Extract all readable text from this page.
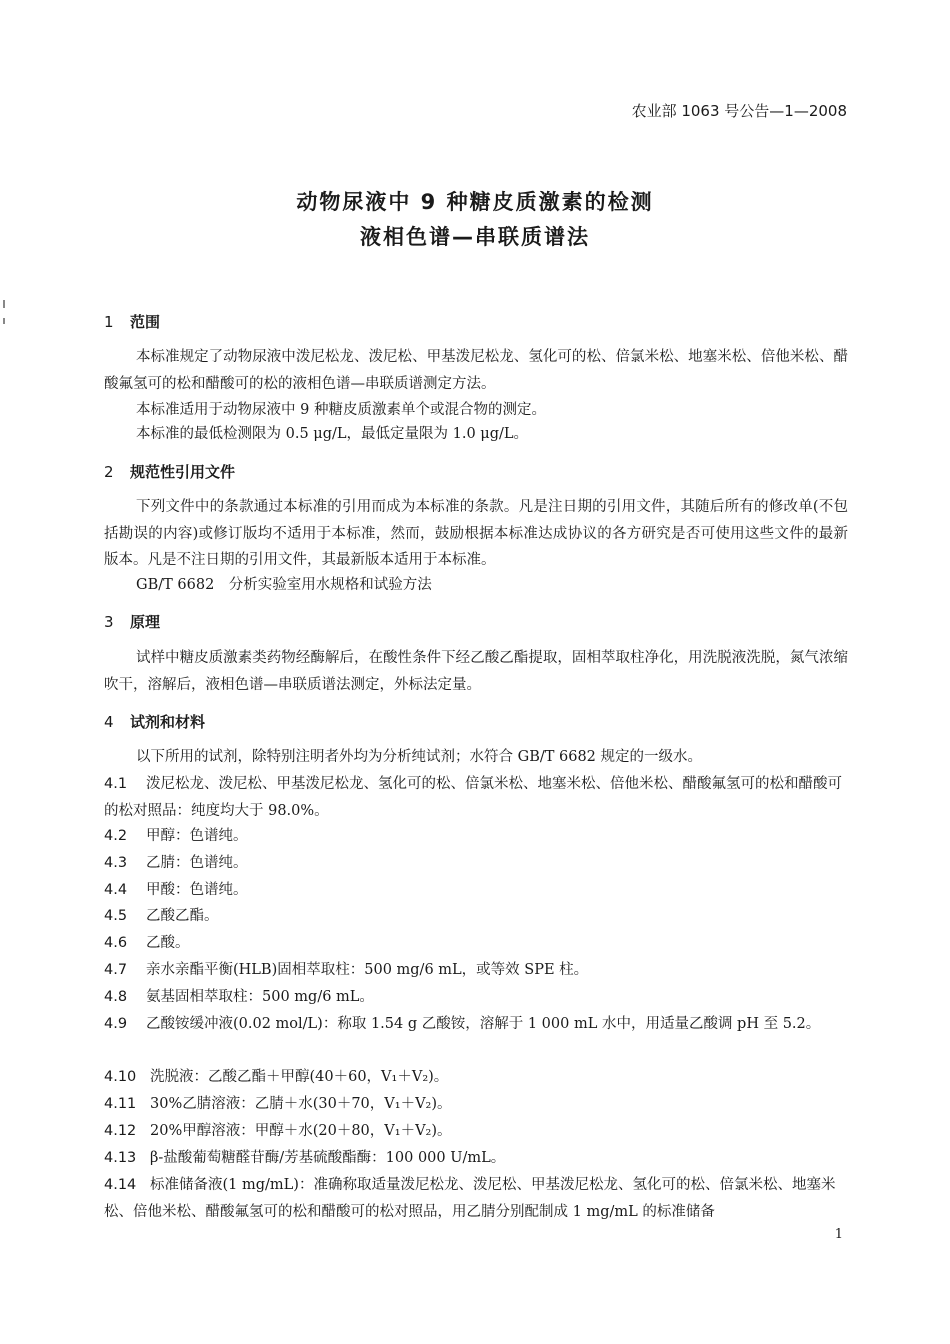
农业部 1063 号公告—1—2008
动物尿液中 9 种糖皮质激素的检测
液相色谱—串联质谱法
1 范围
本标准规定了动物尿液中泼尼松龙、泼尼松、甲基泼尼松龙、氢化可的松、倍氯米松、地塞米松、倍他米松、醋酸氟氢可的松和醋酸可的松的液相色谱—串联质谱测定方法。
本标准适用于动物尿液中 9 种糖皮质激素单个或混合物的测定。
本标准的最低检测限为 0.5 μg/L，最低定量限为 1.0 μg/L。
2 规范性引用文件
下列文件中的条款通过本标准的引用而成为本标准的条款。凡是注日期的引用文件，其随后所有的修改单(不包括勘误的内容)或修订版均不适用于本标准，然而，鼓励根据本标准达成协议的各方研究是否可使用这些文件的最新版本。凡是不注日期的引用文件，其最新版本适用于本标准。
GB/T 6682　分析实验室用水规格和试验方法
3 原理
试样中糖皮质激素类药物经酶解后，在酸性条件下经乙酸乙酯提取，固相萃取柱净化，用洗脱液洗脱，氮气浓缩吹干，溶解后，液相色谱—串联质谱法测定，外标法定量。
4 试剂和材料
以下所用的试剂，除特别注明者外均为分析纯试剂；水符合 GB/T 6682 规定的一级水。
4.1 泼尼松龙、泼尼松、甲基泼尼松龙、氢化可的松、倍氯米松、地塞米松、倍他米松、醋酸氟氢可的松和醋酸可的松对照品：纯度均大于 98.0%。
4.2 甲醇：色谱纯。
4.3 乙腈：色谱纯。
4.4 甲酸：色谱纯。
4.5 乙酸乙酯。
4.6 乙酸。
4.7 亲水亲酯平衡(HLB)固相萃取柱：500 mg/6 mL，或等效 SPE 柱。
4.8 氨基固相萃取柱：500 mg/6 mL。
4.9 乙酸铵缓冲液(0.02 mol/L)：称取 1.54 g 乙酸铵，溶解于 1 000 mL 水中，用适量乙酸调 pH 至 5.2。
4.10 洗脱液：乙酸乙酯＋甲醇(40＋60，V₁＋V₂)。
4.11 30%乙腈溶液：乙腈＋水(30＋70，V₁＋V₂)。
4.12 20%甲醇溶液：甲醇＋水(20＋80，V₁＋V₂)。
4.13 β-盐酸葡萄糖醛苷酶/芳基硫酸酯酶：100 000 U/mL。
4.14 标准储备液(1 mg/mL)：准确称取适量泼尼松龙、泼尼松、甲基泼尼松龙、氢化可的松、倍氯米松、地塞米松、倍他米松、醋酸氟氢可的松和醋酸可的松对照品，用乙腈分别配制成 1 mg/mL 的标准储备
1
